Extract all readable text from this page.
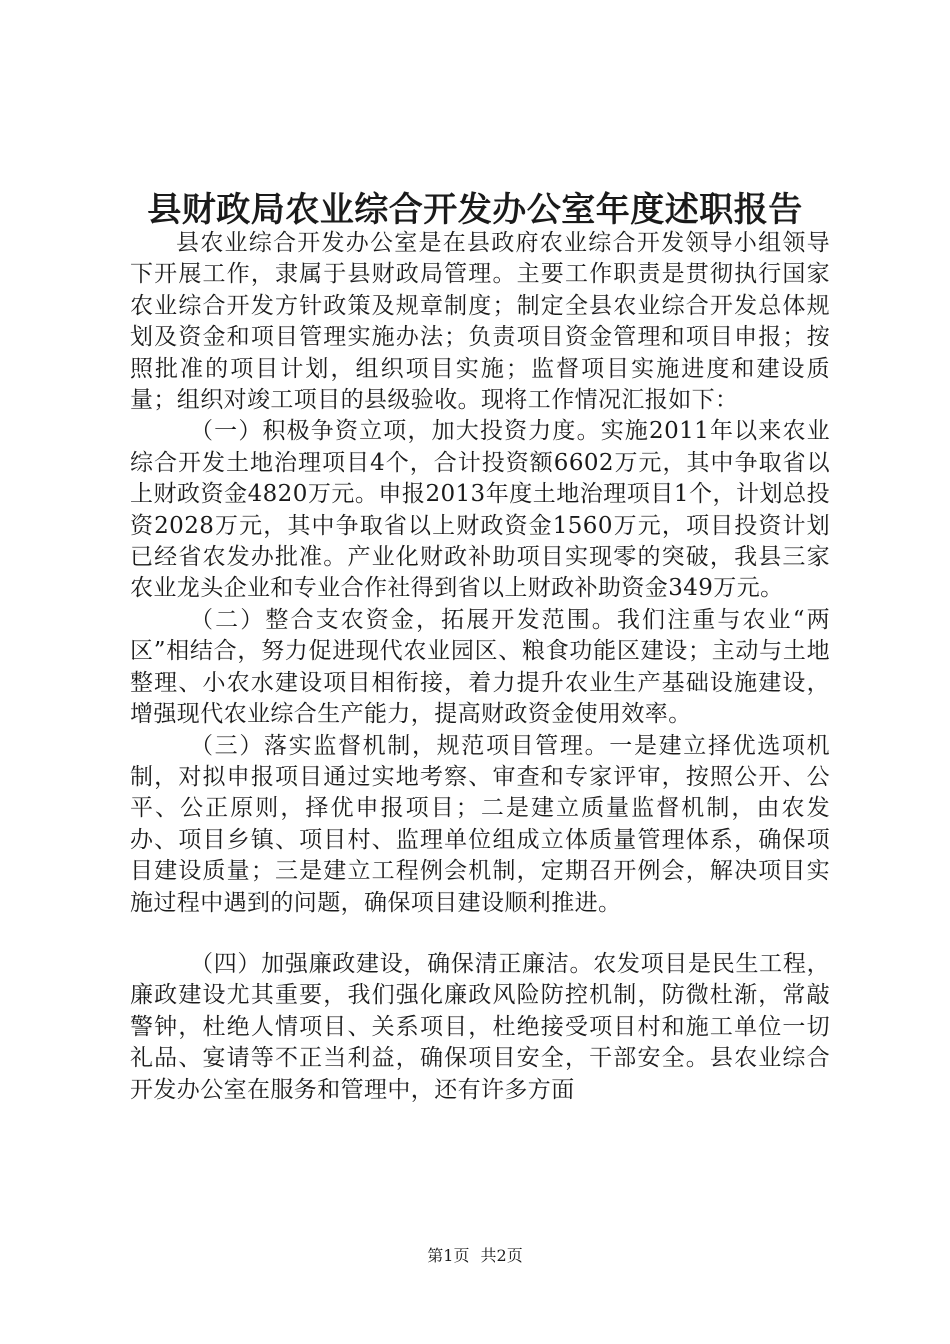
县财政局农业综合开发办公室年度述职报告

县农业综合开发办公室是在县政府农业综合开发领导小组领导下开展工作，隶属于县财政局管理。主要工作职责是贯彻执行国家农业综合开发方针政策及规章制度；制定全县农业综合开发总体规划及资金和项目管理实施办法；负责项目资金管理和项目申报；按照批准的项目计划，组织项目实施；监督项目实施进度和建设质量；组织对竣工项目的县级验收。现将工作情况汇报如下：

（一）积极争资立项，加大投资力度。实施2011年以来农业综合开发土地治理项目4个，合计投资额6602万元，其中争取省以上财政资金4820万元。申报2013年度土地治理项目1个，计划总投资2028万元，其中争取省以上财政资金1560万元，项目投资计划已经省农发办批准。产业化财政补助项目实现零的突破，我县三家农业龙头企业和专业合作社得到省以上财政补助资金349万元。

（二）整合支农资金，拓展开发范围。我们注重与农业“两区”相结合，努力促进现代农业园区、粮食功能区建设；主动与土地整理、小农水建设项目相衔接，着力提升农业生产基础设施建设，增强现代农业综合生产能力，提高财政资金使用效率。

（三）落实监督机制，规范项目管理。一是建立择优选项机制，对拟申报项目通过实地考察、审查和专家评审，按照公开、公平、公正原则，择优申报项目；二是建立质量监督机制，由农发办、项目乡镇、项目村、监理单位组成立体质量管理体系，确保项目建设质量；三是建立工程例会机制，定期召开例会，解决项目实施过程中遇到的问题，确保项目建设顺利推进。

（四）加强廉政建设，确保清正廉洁。农发项目是民生工程，廉政建设尤其重要，我们强化廉政风险防控机制，防微杜渐，常敲警钟，杜绝人情项目、关系项目，杜绝接受项目村和施工单位一切礼品、宴请等不正当利益，确保项目安全，干部安全。县农业综合开发办公室在服务和管理中，还有许多方面

第1页 共2页
